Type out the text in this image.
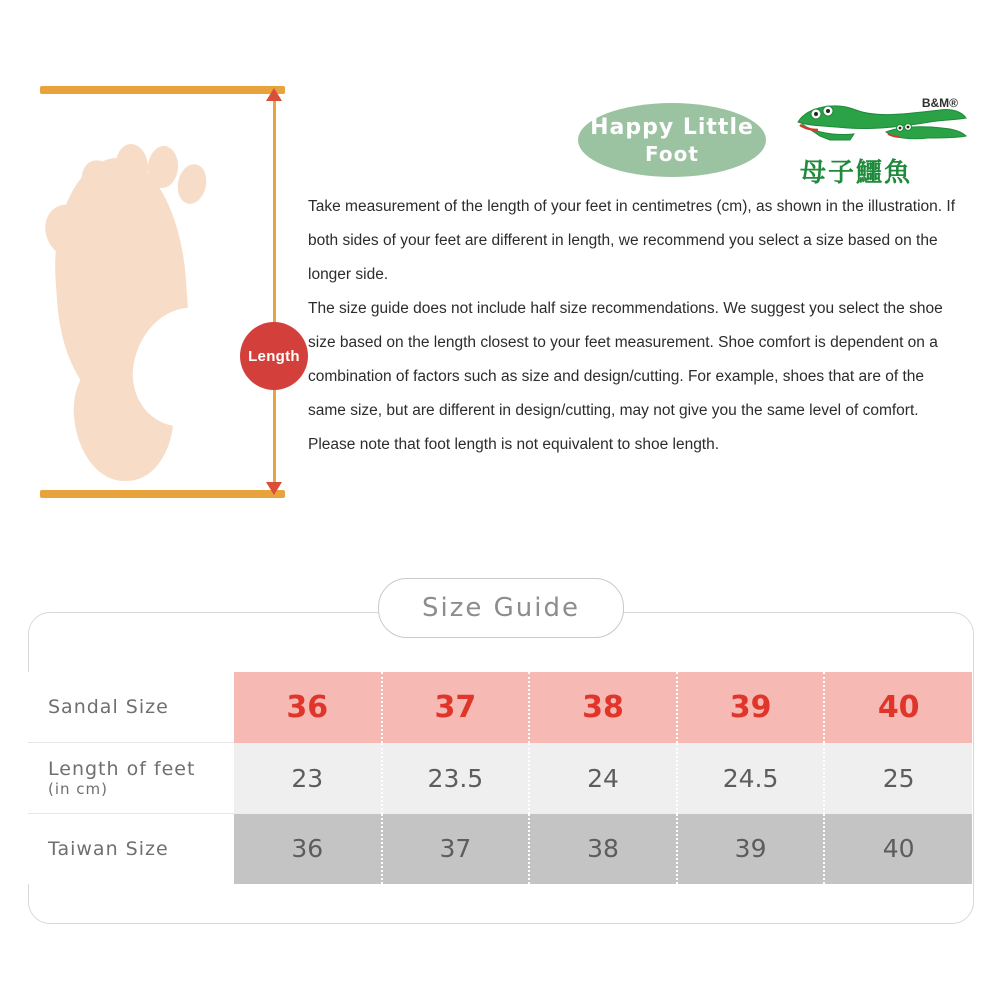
Length
Happy Little
Foot
B&M®
母子鱷魚

Take measurement of the length of your feet in centimetres (cm), as shown in the illustration. If both sides of your feet are different in length, we recommend you select a size based on the longer side.

The size guide does not include half size recommendations. We suggest you select the shoe size based on the length closest to your feet measurement. Shoe comfort is dependent on a combination of factors such as size and design/cutting. For example, shoes that are of the same size, but are different in design/cutting, may not give you the same level of comfort. Please note that foot length is not equivalent to shoe length.

Size Guide
Sandal Size	36	37	38	39	40
Length of feet
(in cm)	23	23.5	24	24.5	25
Taiwan Size	36	37	38	39	40
